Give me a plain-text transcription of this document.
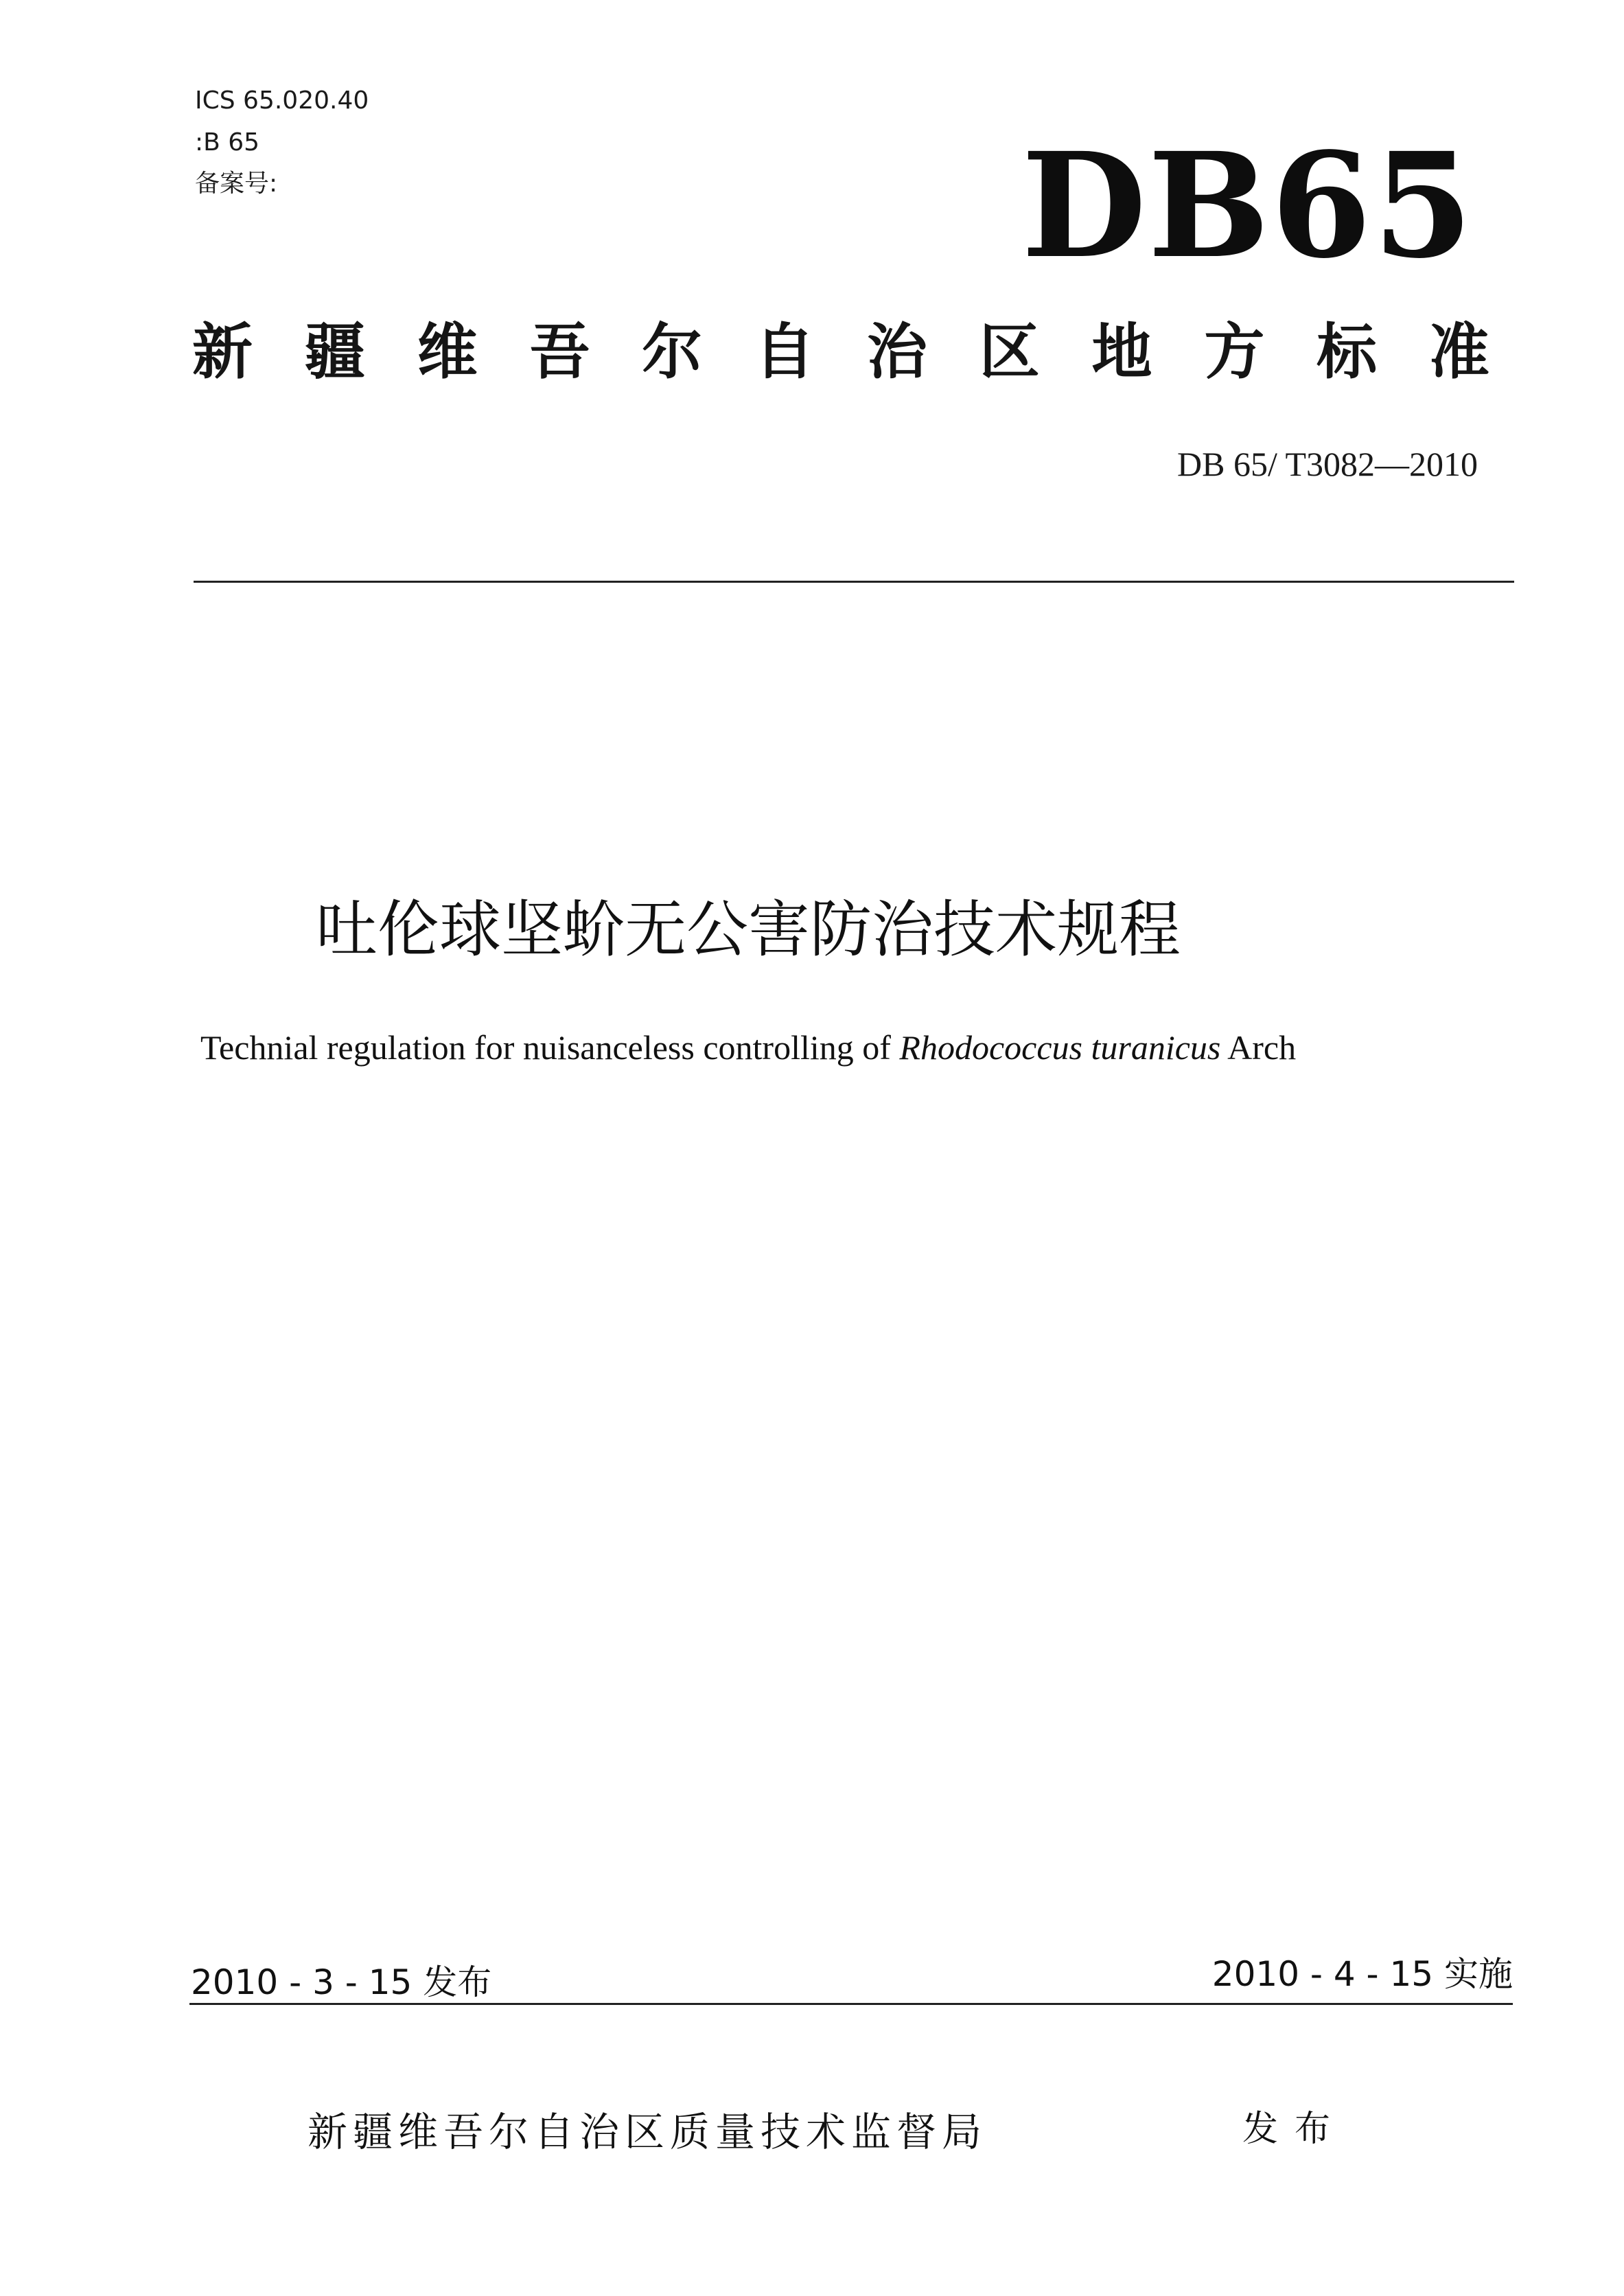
ICS 65.020.40
:B 65
备案号:	DB65
新 疆 维 吾 尔 自 治 区 地 方 标 准
DB 65/ T3082—2010
吐伦球坚蚧无公害防治技术规程
Technial regulation for nuisanceless controlling of Rhodococcus turanicus Arch
2010 - 3 - 15 发布	2010 - 4 - 15 实施
新疆维吾尔自治区质量技术监督局	发布
